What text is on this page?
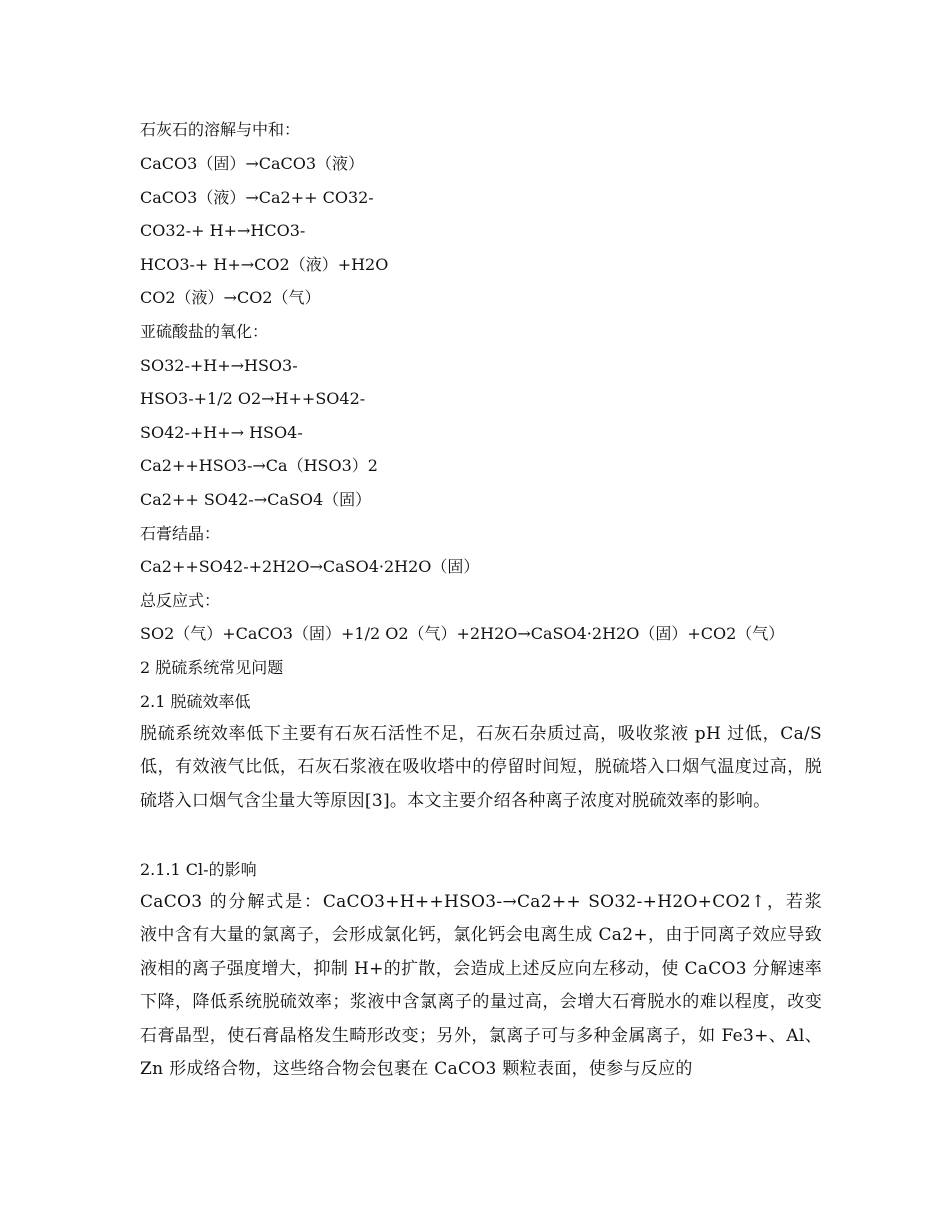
石灰石的溶解与中和：
CaCO3（固）→CaCO3（液）
CaCO3（液）→Ca2++ CO32-
CO32-+ H+→HCO3-
HCO3-+ H+→CO2（液）+H2O
CO2（液）→CO2（气）
亚硫酸盐的氧化：
SO32-+H+→HSO3-
HSO3-+1/2 O2→H++SO42-
SO42-+H+→ HSO4-
Ca2++HSO3-→Ca（HSO3）2
Ca2++ SO42-→CaSO4（固）
石膏结晶：
Ca2++SO42-+2H2O→CaSO4·2H2O（固）
总反应式：
SO2（气）+CaCO3（固）+1/2 O2（气）+2H2O→CaSO4·2H2O（固）+CO2（气）
2 脱硫系统常见问题
2.1 脱硫效率低
脱硫系统效率低下主要有石灰石活性不足，石灰石杂质过高，吸收浆液 pH 过低，Ca/S 低，有效液气比低，石灰石浆液在吸收塔中的停留时间短，脱硫塔入口烟气温度过高，脱硫塔入口烟气含尘量大等原因[3]。本文主要介绍各种离子浓度对脱硫效率的影响。
2.1.1 Cl-的影响
CaCO3 的分解式是：CaCO3+H++HSO3-→Ca2++ SO32-+H2O+CO2↑，若浆液中含有大量的氯离子，会形成氯化钙，氯化钙会电离生成 Ca2+，由于同离子效应导致液相的离子强度增大，抑制 H+的扩散，会造成上述反应向左移动，使 CaCO3 分解速率下降，降低系统脱硫效率；浆液中含氯离子的量过高，会增大石膏脱水的难以程度，改变石膏晶型，使石膏晶格发生畸形改变；另外，氯离子可与多种金属离子，如 Fe3+、Al、Zn 形成络合物，这些络合物会包裹在 CaCO3 颗粒表面，使参与反应的
